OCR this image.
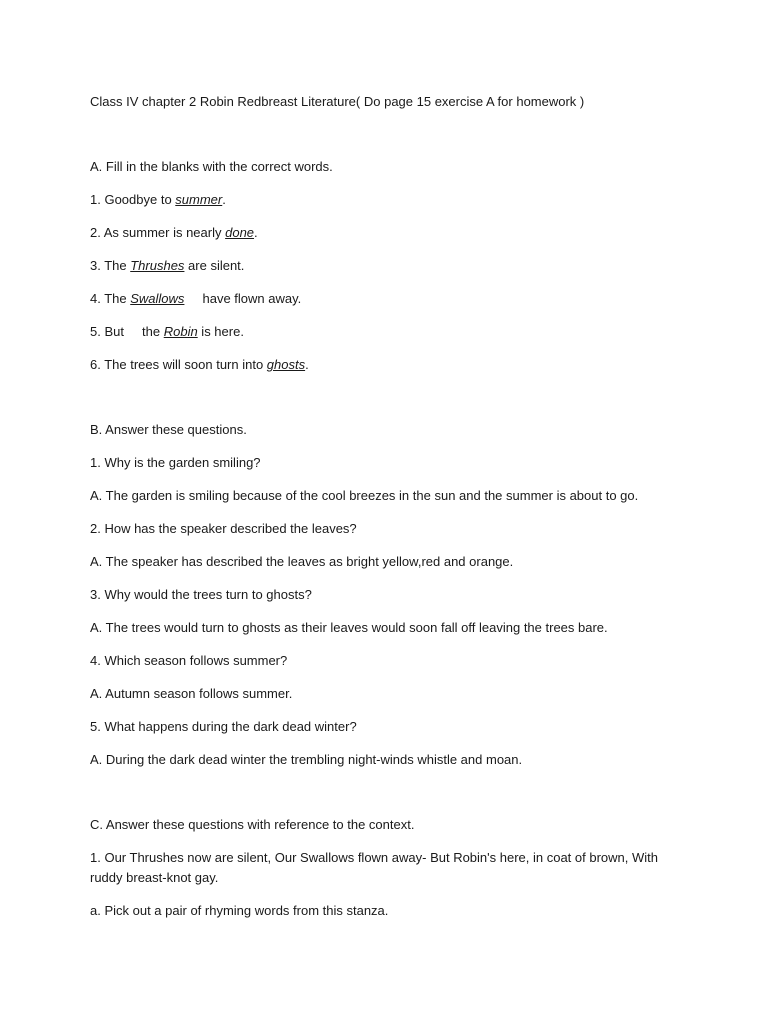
Class IV chapter 2 Robin Redbreast Literature( Do page 15 exercise A for homework )
A. Fill in the blanks with the correct words.
1. Goodbye to summer.
2. As summer is nearly done.
3. The Thrushes are silent.
4. The Swallows     have flown away.
5. But     the Robin is here.
6. The trees will soon turn into ghosts.
B. Answer these questions.
1. Why is the garden smiling?
A. The garden is smiling because of the cool breezes in the sun and the summer is about to go.
2. How has the speaker described the leaves?
A. The speaker has described the leaves as bright yellow,red and orange.
3. Why would the trees turn to ghosts?
A. The trees would turn to ghosts as their leaves would soon fall off leaving the trees bare.
4. Which season follows summer?
A. Autumn season follows summer.
5. What happens during the dark dead winter?
A. During the dark dead winter the trembling night-winds whistle and moan.
C. Answer these questions with reference to the context.
1. Our Thrushes now are silent, Our Swallows flown away- But Robin's here, in coat of brown, With ruddy breast-knot gay.
a. Pick out a pair of rhyming words from this stanza.
